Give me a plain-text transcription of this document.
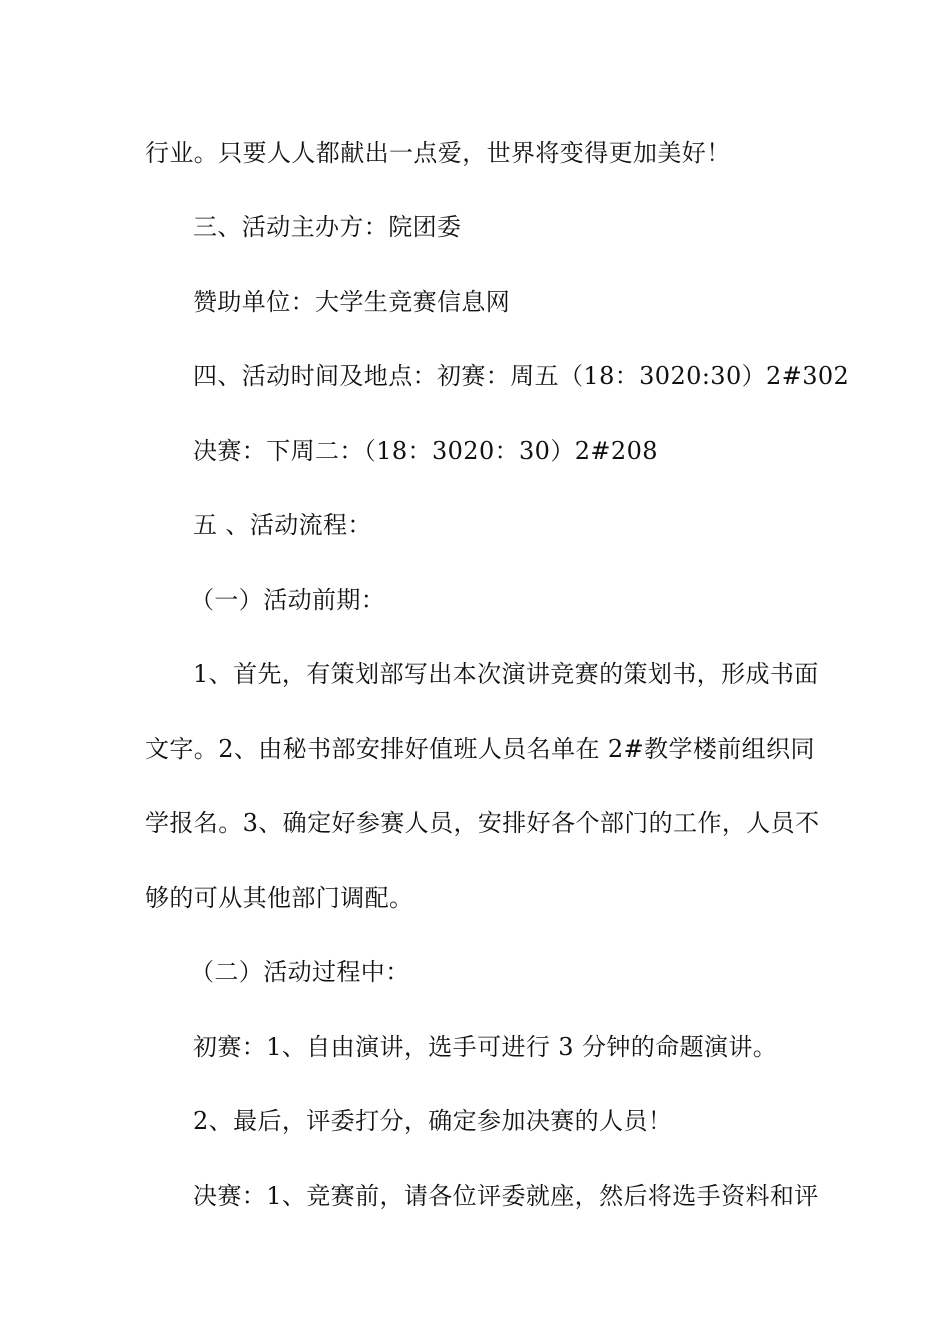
行业。只要人人都献出一点爱，世界将变得更加美好！
三、活动主办方：院团委
赞助单位：大学生竞赛信息网
四、活动时间及地点：初赛：周五（18：3020:30）2#302
决赛：下周二：（18：3020：30）2#208
五 、活动流程：
（一）活动前期：
1、首先，有策划部写出本次演讲竞赛的策划书，形成书面
文字。2、由秘书部安排好值班人员名单在 2#教学楼前组织同
学报名。3、确定好参赛人员，安排好各个部门的工作，人员不
够的可从其他部门调配。
（二）活动过程中：
初赛：1、自由演讲，选手可进行 3 分钟的命题演讲。
2、最后，评委打分，确定参加决赛的人员！
决赛：1、竞赛前，请各位评委就座，然后将选手资料和评
